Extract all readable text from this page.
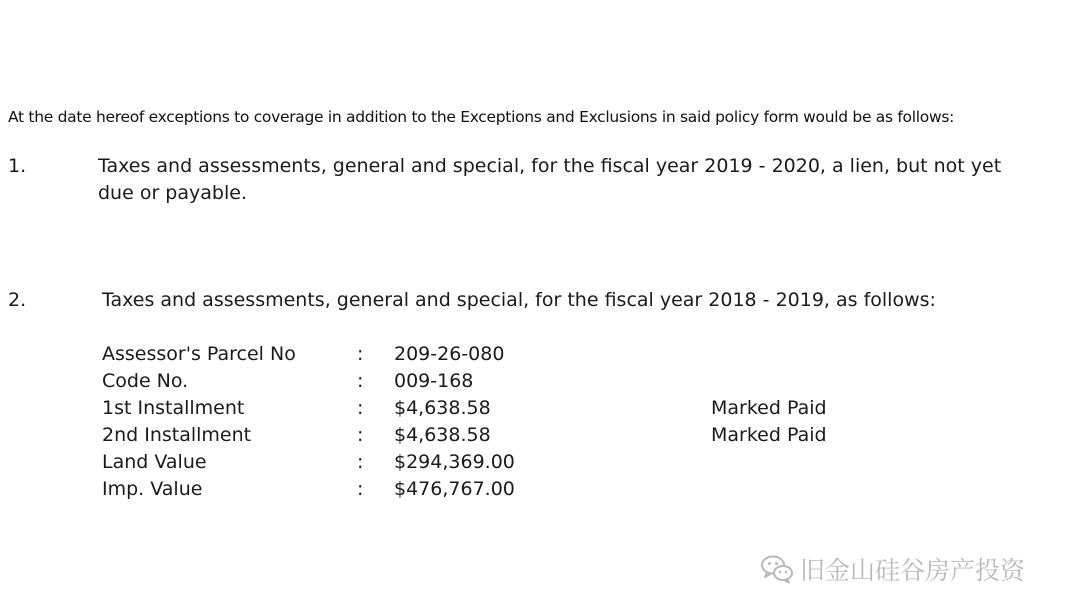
At the date hereof exceptions to coverage in addition to the Exceptions and Exclusions in said policy form would be as follows:
1.	Taxes and assessments, general and special, for the fiscal year 2019 - 2020, a lien, but not yet due or payable.
2.	Taxes and assessments, general and special, for the fiscal year 2018 - 2019, as follows:
Assessor's Parcel No	: 209-26-080
Code No.	: 009-168
1st Installment	: $4,638.58	Marked Paid
2nd Installment	: $4,638.58	Marked Paid
Land Value	: $294,369.00
Imp. Value	: $476,767.00
旧金山硅谷房产投资
